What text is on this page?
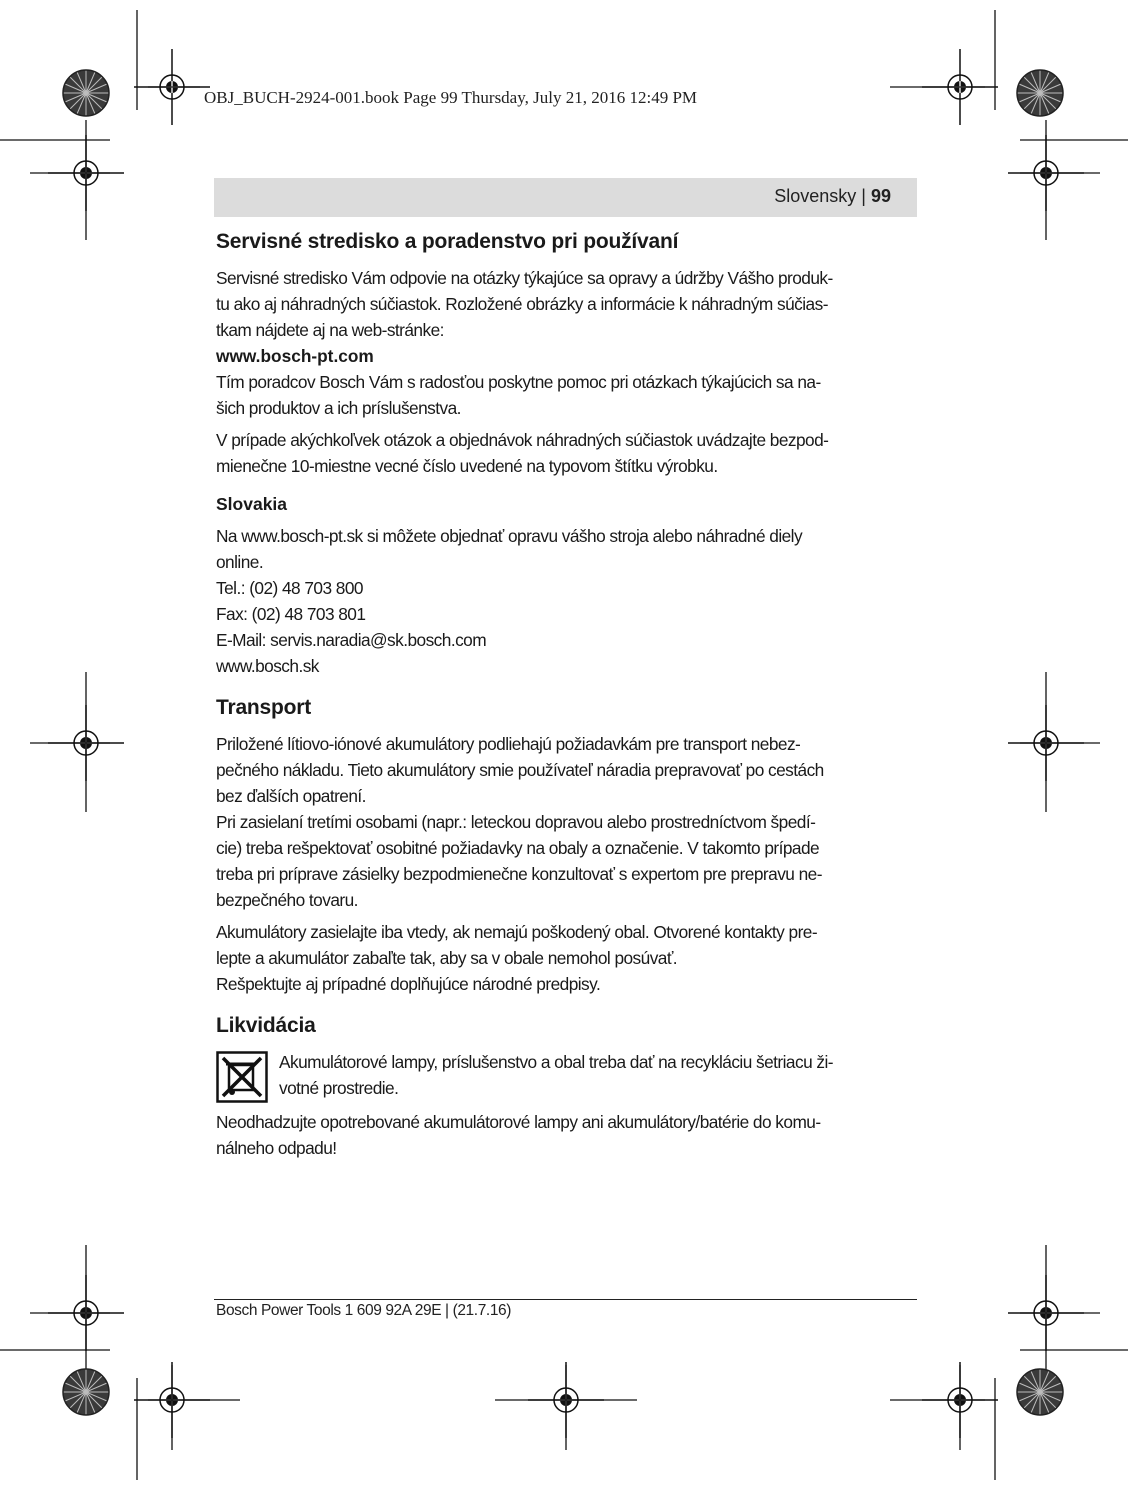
OBJ_BUCH-2924-001.book Page 99 Thursday, July 21, 2016 12:49 PM
Slovensky | 99
Servisné stredisko a poradenstvo pri používaní

Servisné stredisko Vám odpovie na otázky týkajúce sa opravy a údržby Vášho produk-

tu ako aj náhradných súčiastok. Rozložené obrázky a informácie k náhradným súčias-

tkam nájdete aj na web-stránke:

www.bosch-pt.com

Tím poradcov Bosch Vám s radosťou poskytne pomoc pri otázkach týkajúcich sa na-

šich produktov a ich príslušenstva.

V prípade akýchkoľvek otázok a objednávok náhradných súčiastok uvádzajte bezpod-

mienečne 10-miestne vecné číslo uvedené na typovom štítku výrobku.

Slovakia

Na www.bosch-pt.sk si môžete objednať opravu vášho stroja alebo náhradné diely

online.

Tel.: (02) 48 703 800

Fax: (02) 48 703 801

E-Mail: servis.naradia@sk.bosch.com

www.bosch.sk

Transport

Priložené lítiovo-iónové akumulátory podliehajú požiadavkám pre transport nebez-

pečného nákladu. Tieto akumulátory smie používateľ náradia prepravovať po cestách

bez ďalších opatrení.

Pri zasielaní tretími osobami (napr.: leteckou dopravou alebo prostredníctvom špedí-

cie) treba rešpektovať osobitné požiadavky na obaly a označenie. V takomto prípade

treba pri príprave zásielky bezpodmienečne konzultovať s expertom pre prepravu ne-

bezpečného tovaru.

Akumulátory zasielajte iba vtedy, ak nemajú poškodený obal. Otvorené kontakty pre-

lepte a akumulátor zabaľte tak, aby sa v obale nemohol posúvať.

Rešpektujte aj prípadné doplňujúce národné predpisy.

Likvidácia

Akumulátorové lampy, príslušenstvo a obal treba dať na recykláciu šetriacu ži-

votné prostredie.

Neodhadzujte opotrebované akumulátorové lampy ani akumulátory/batérie do komu-

nálneho odpadu!

Bosch Power Tools 1 609 92A 29E | (21.7.16)
